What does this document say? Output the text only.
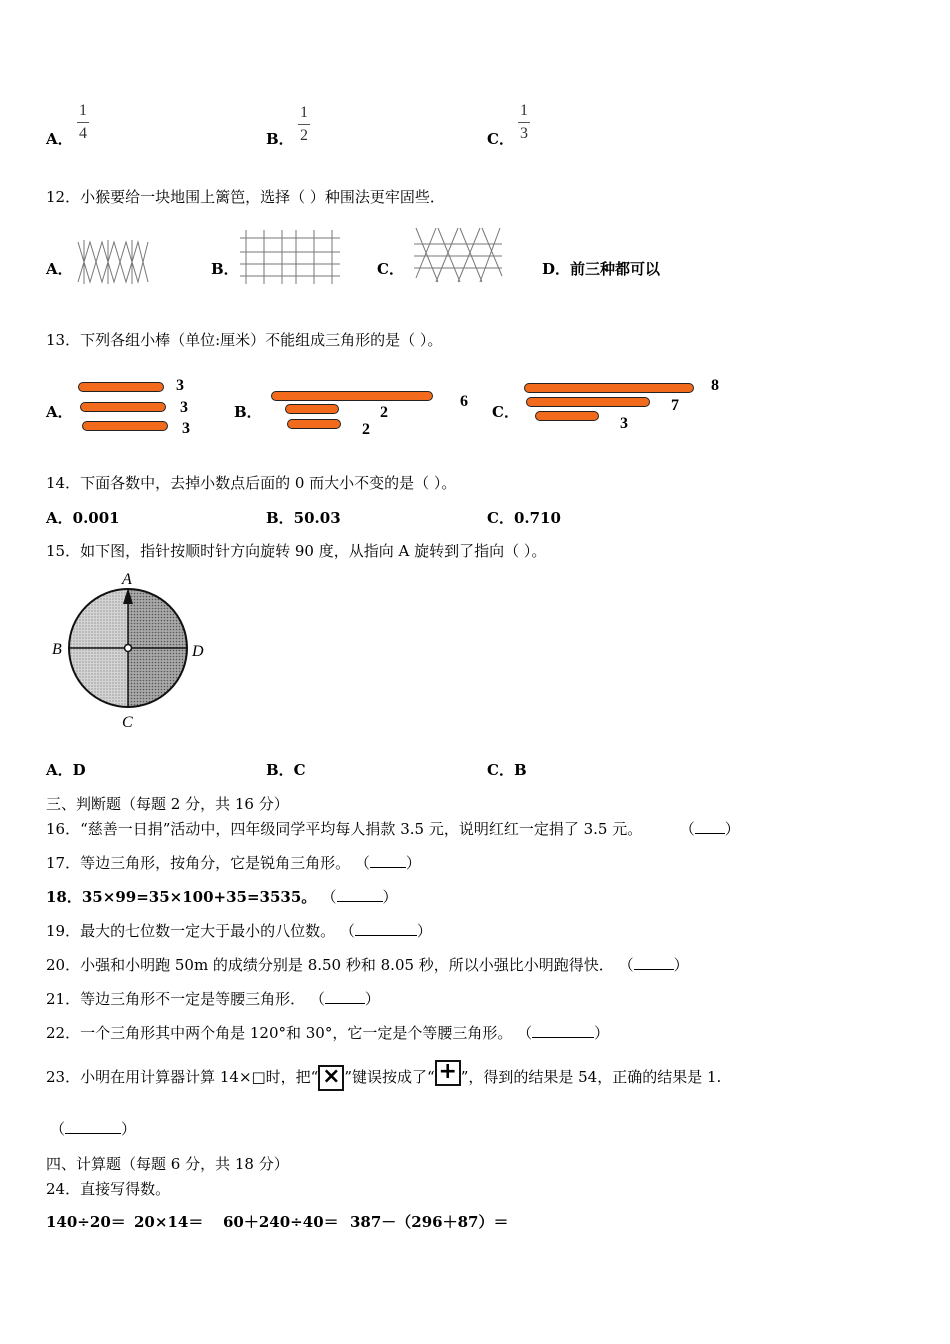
A．
1
4	B．
1
2	C．
1
3
12．小猴要给一块地围上篱笆，选择（ ）种围法更牢固些．
A．	B．	C．	D．前三种都可以
13．下列各组小棒（单位:厘米）不能组成三角形的是（ ）。
A．
3
3
3
B．
6
2
2
C．
8
7
3
14．下面各数中，去掉小数点后面的 0 而大小不变的是（ ）。
A．0.001	B．50.03	C．0.710
15．如下图，指针按顺时针方向旋转 90 度，从指向 A 旋转到了指向（ ）。
A
B
C
D
A．D	B．C	C．B
三、判断题（每题 2 分，共 16 分）
16．“慈善一日捐”活动中，四年级同学平均每人捐款 3.5 元，说明红红一定捐了 3.5 元。	（ ）
17．等边三角形，按角分，它是锐角三角形。 （ ）
18．35×99=35×100+35=3535。 （	）
19．最大的七位数一定大于最小的八位数。 （	）
20．小强和小明跑 50m 的成绩分别是 8.50 秒和 8.05 秒，所以小强比小明跑得快． （	）
21．等边三角形不一定是等腰三角形． （	）
22．一个三角形其中两个角是 120°和 30°，它一定是个等腰三角形。 （	）
23．小明在用计算器计算 14×□时，把“ × ”键误按成了“ + ”，得到的结果是 54，正确的结果是 1.
（	）
四、计算题（每题 6 分，共 18 分）
24．直接写得数。
140÷20＝ 20×14＝ 60＋240÷40＝ 387－（296＋87）＝
